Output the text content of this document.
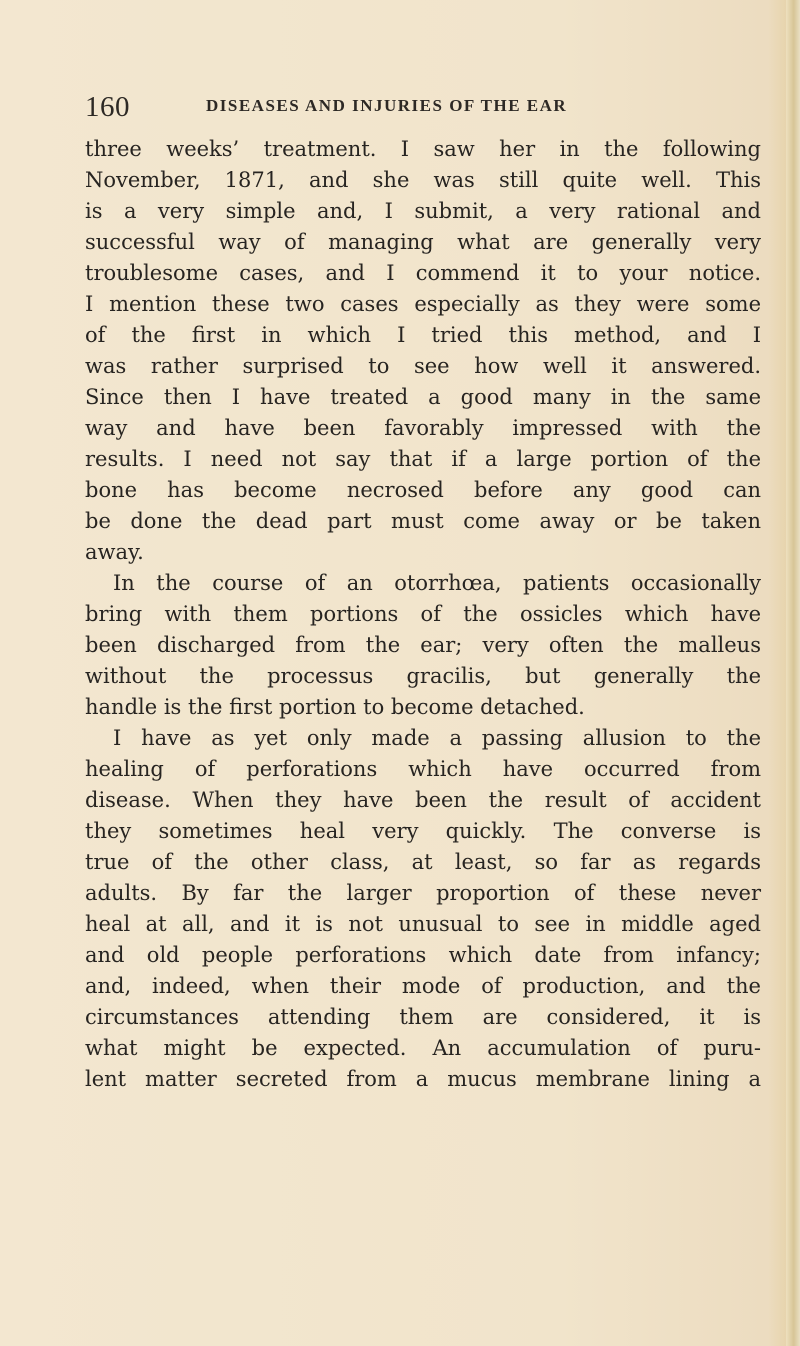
160	DISEASES AND INJURIES OF THE EAR
three weeks’ treatment. I saw her in the following
November, 1871, and she was still quite well. This
is a very simple and, I submit, a very rational and
successful way of managing what are generally very
troublesome cases, and I commend it to your notice.
I mention these two cases especially as they were some
of the first in which I tried this method, and I
was rather surprised to see how well it answered.
Since then I have treated a good many in the same
way and have been favorably impressed with the
results. I need not say that if a large portion of the
bone has become necrosed before any good can
be done the dead part must come away or be taken
away.
In the course of an otorrhœa, patients occasionally
bring with them portions of the ossicles which have
been discharged from the ear; very often the malleus
without the processus gracilis, but generally the
handle is the first portion to become detached.
I have as yet only made a passing allusion to the
healing of perforations which have occurred from
disease. When they have been the result of accident
they sometimes heal very quickly. The converse is
true of the other class, at least, so far as regards
adults. By far the larger proportion of these never
heal at all, and it is not unusual to see in middle aged
and old people perforations which date from infancy;
and, indeed, when their mode of production, and the
circumstances attending them are considered, it is
what might be expected. An accumulation of puru-
lent matter secreted from a mucus membrane lining a
